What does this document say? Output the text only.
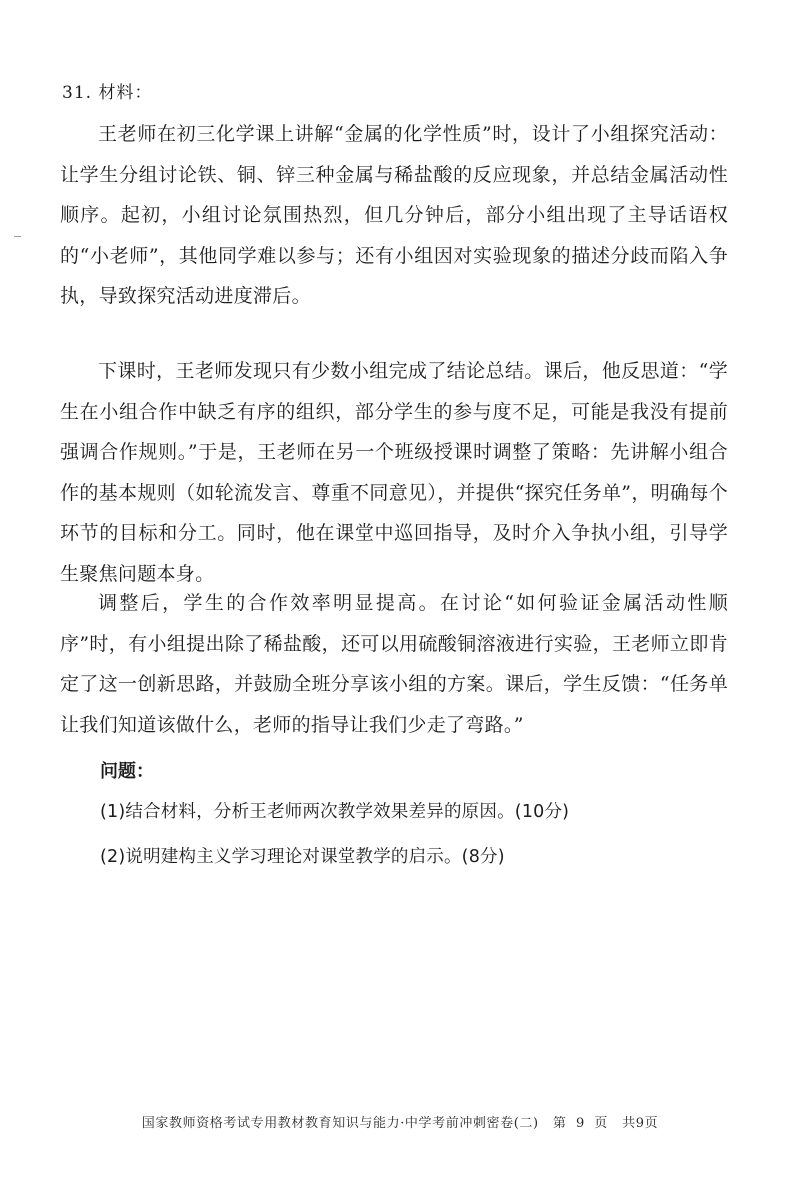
31. 材料：

王老师在初三化学课上讲解“金属的化学性质”时，设计了小组探究活动：让学生分组讨论铁、铜、锌三种金属与稀盐酸的反应现象，并总结金属活动性顺序。起初，小组讨论氛围热烈，但几分钟后，部分小组出现了主导话语权的“小老师”，其他同学难以参与；还有小组因对实验现象的描述分歧而陷入争执，导致探究活动进度滞后。

下课时，王老师发现只有少数小组完成了结论总结。课后，他反思道：“学生在小组合作中缺乏有序的组织，部分学生的参与度不足，可能是我没有提前强调合作规则。”于是，王老师在另一个班级授课时调整了策略：先讲解小组合作的基本规则（如轮流发言、尊重不同意见），并提供“探究任务单”，明确每个环节的目标和分工。同时，他在课堂中巡回指导，及时介入争执小组，引导学生聚焦问题本身。

调整后，学生的合作效率明显提高。在讨论“如何验证金属活动性顺序”时，有小组提出除了稀盐酸，还可以用硫酸铜溶液进行实验，王老师立即肯定了这一创新思路，并鼓励全班分享该小组的方案。课后，学生反馈：“任务单让我们知道该做什么，老师的指导让我们少走了弯路。”

问题：
(1)结合材料，分析王老师两次教学效果差异的原因。(10分)
(2)说明建构主义学习理论对课堂教学的启示。(8分)
国家教师资格考试专用教材教育知识与能力·中学考前冲刺密卷(二) 第  9  页 共9页
